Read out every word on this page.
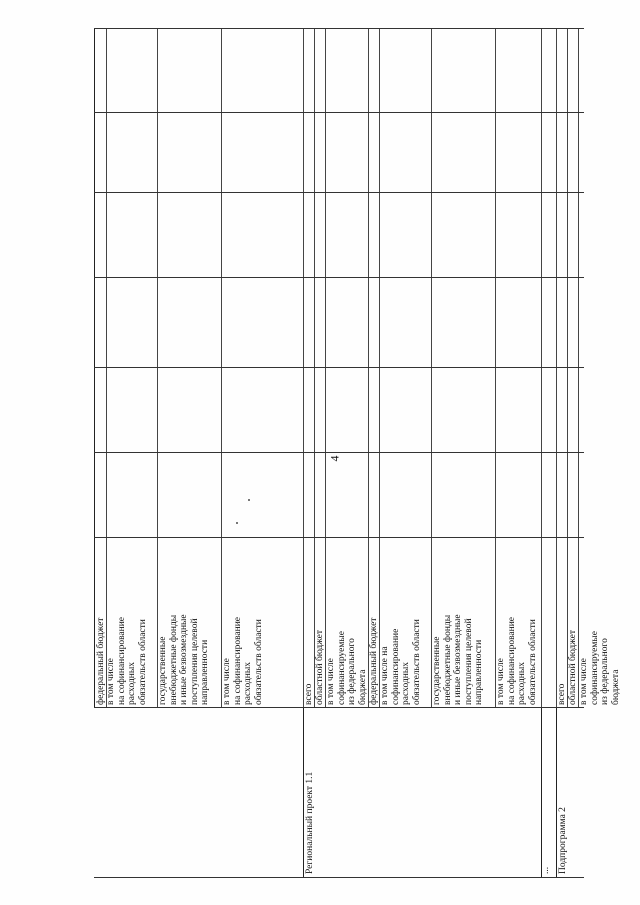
4
федеральный бюджет в том числе
на софинансирование
расходных
обязательств области
государственные
внебюджетные фонды
и иные безвозмездные
поступления целевой
направленности в том числе
на софинансирование
расходных
обязательств области
Региональный проект 1.1
всего областной бюджет в том числе
софинансируемые
из федерального
бюджета федеральный бюджет в том числе на
софинансирование
расходных
обязательств области
государственные
внебюджетные фонды
и иные безвозмездные
поступления целевой
направленности в том числе
на софинансирование
расходных
обязательств области
... Подпрограмма 2
всего областной бюджет в том числе
софинансируемые
из федерального
бюджета
